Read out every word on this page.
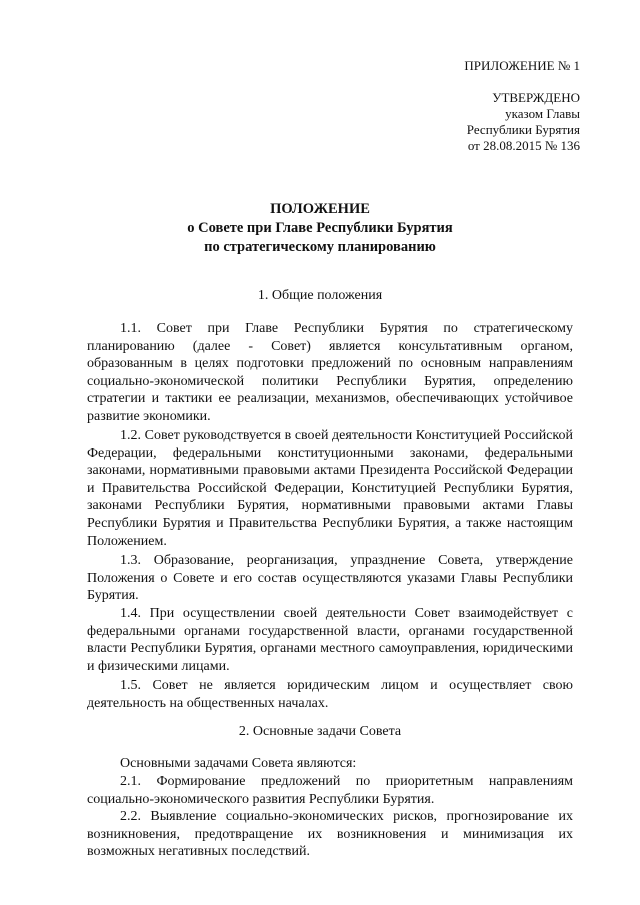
ПРИЛОЖЕНИЕ № 1
УТВЕРЖДЕНО
указом Главы
Республики Бурятия
от 28.08.2015 № 136
ПОЛОЖЕНИЕ
о Совете при Главе Республики Бурятия
по стратегическому планированию
1. Общие положения

1.1. Совет при Главе Республики Бурятия по стратегическому планированию (далее - Совет) является консультативным органом, образованным в целях подготовки предложений по основным направлениям социально-экономической политики Республики Бурятия, определению стратегии и тактики ее реализации, механизмов, обеспечивающих устойчивое развитие экономики.

1.2. Совет руководствуется в своей деятельности Конституцией Российской Федерации, федеральными конституционными законами, федеральными законами, нормативными правовыми актами Президента Российской Федерации и Правительства Российской Федерации, Конституцией Республики Бурятия, законами Республики Бурятия, нормативными правовыми актами Главы Республики Бурятия и Правительства Республики Бурятия, а также настоящим Положением.

1.3. Образование, реорганизация, упразднение Совета, утверждение Положения о Совете и его состав осуществляются указами Главы Республики Бурятия.

1.4. При осуществлении своей деятельности Совет взаимодействует с федеральными органами государственной власти, органами государственной власти Республики Бурятия, органами местного самоуправления, юридическими и физическими лицами.

1.5. Совет не является юридическим лицом и осуществляет свою деятельность на общественных началах.

2. Основные задачи Совета

Основными задачами Совета являются:

2.1. Формирование предложений по приоритетным направлениям социально-экономического развития Республики Бурятия.

2.2. Выявление социально-экономических рисков, прогнозирование их возникновения, предотвращение их возникновения и минимизация их возможных негативных последствий.
